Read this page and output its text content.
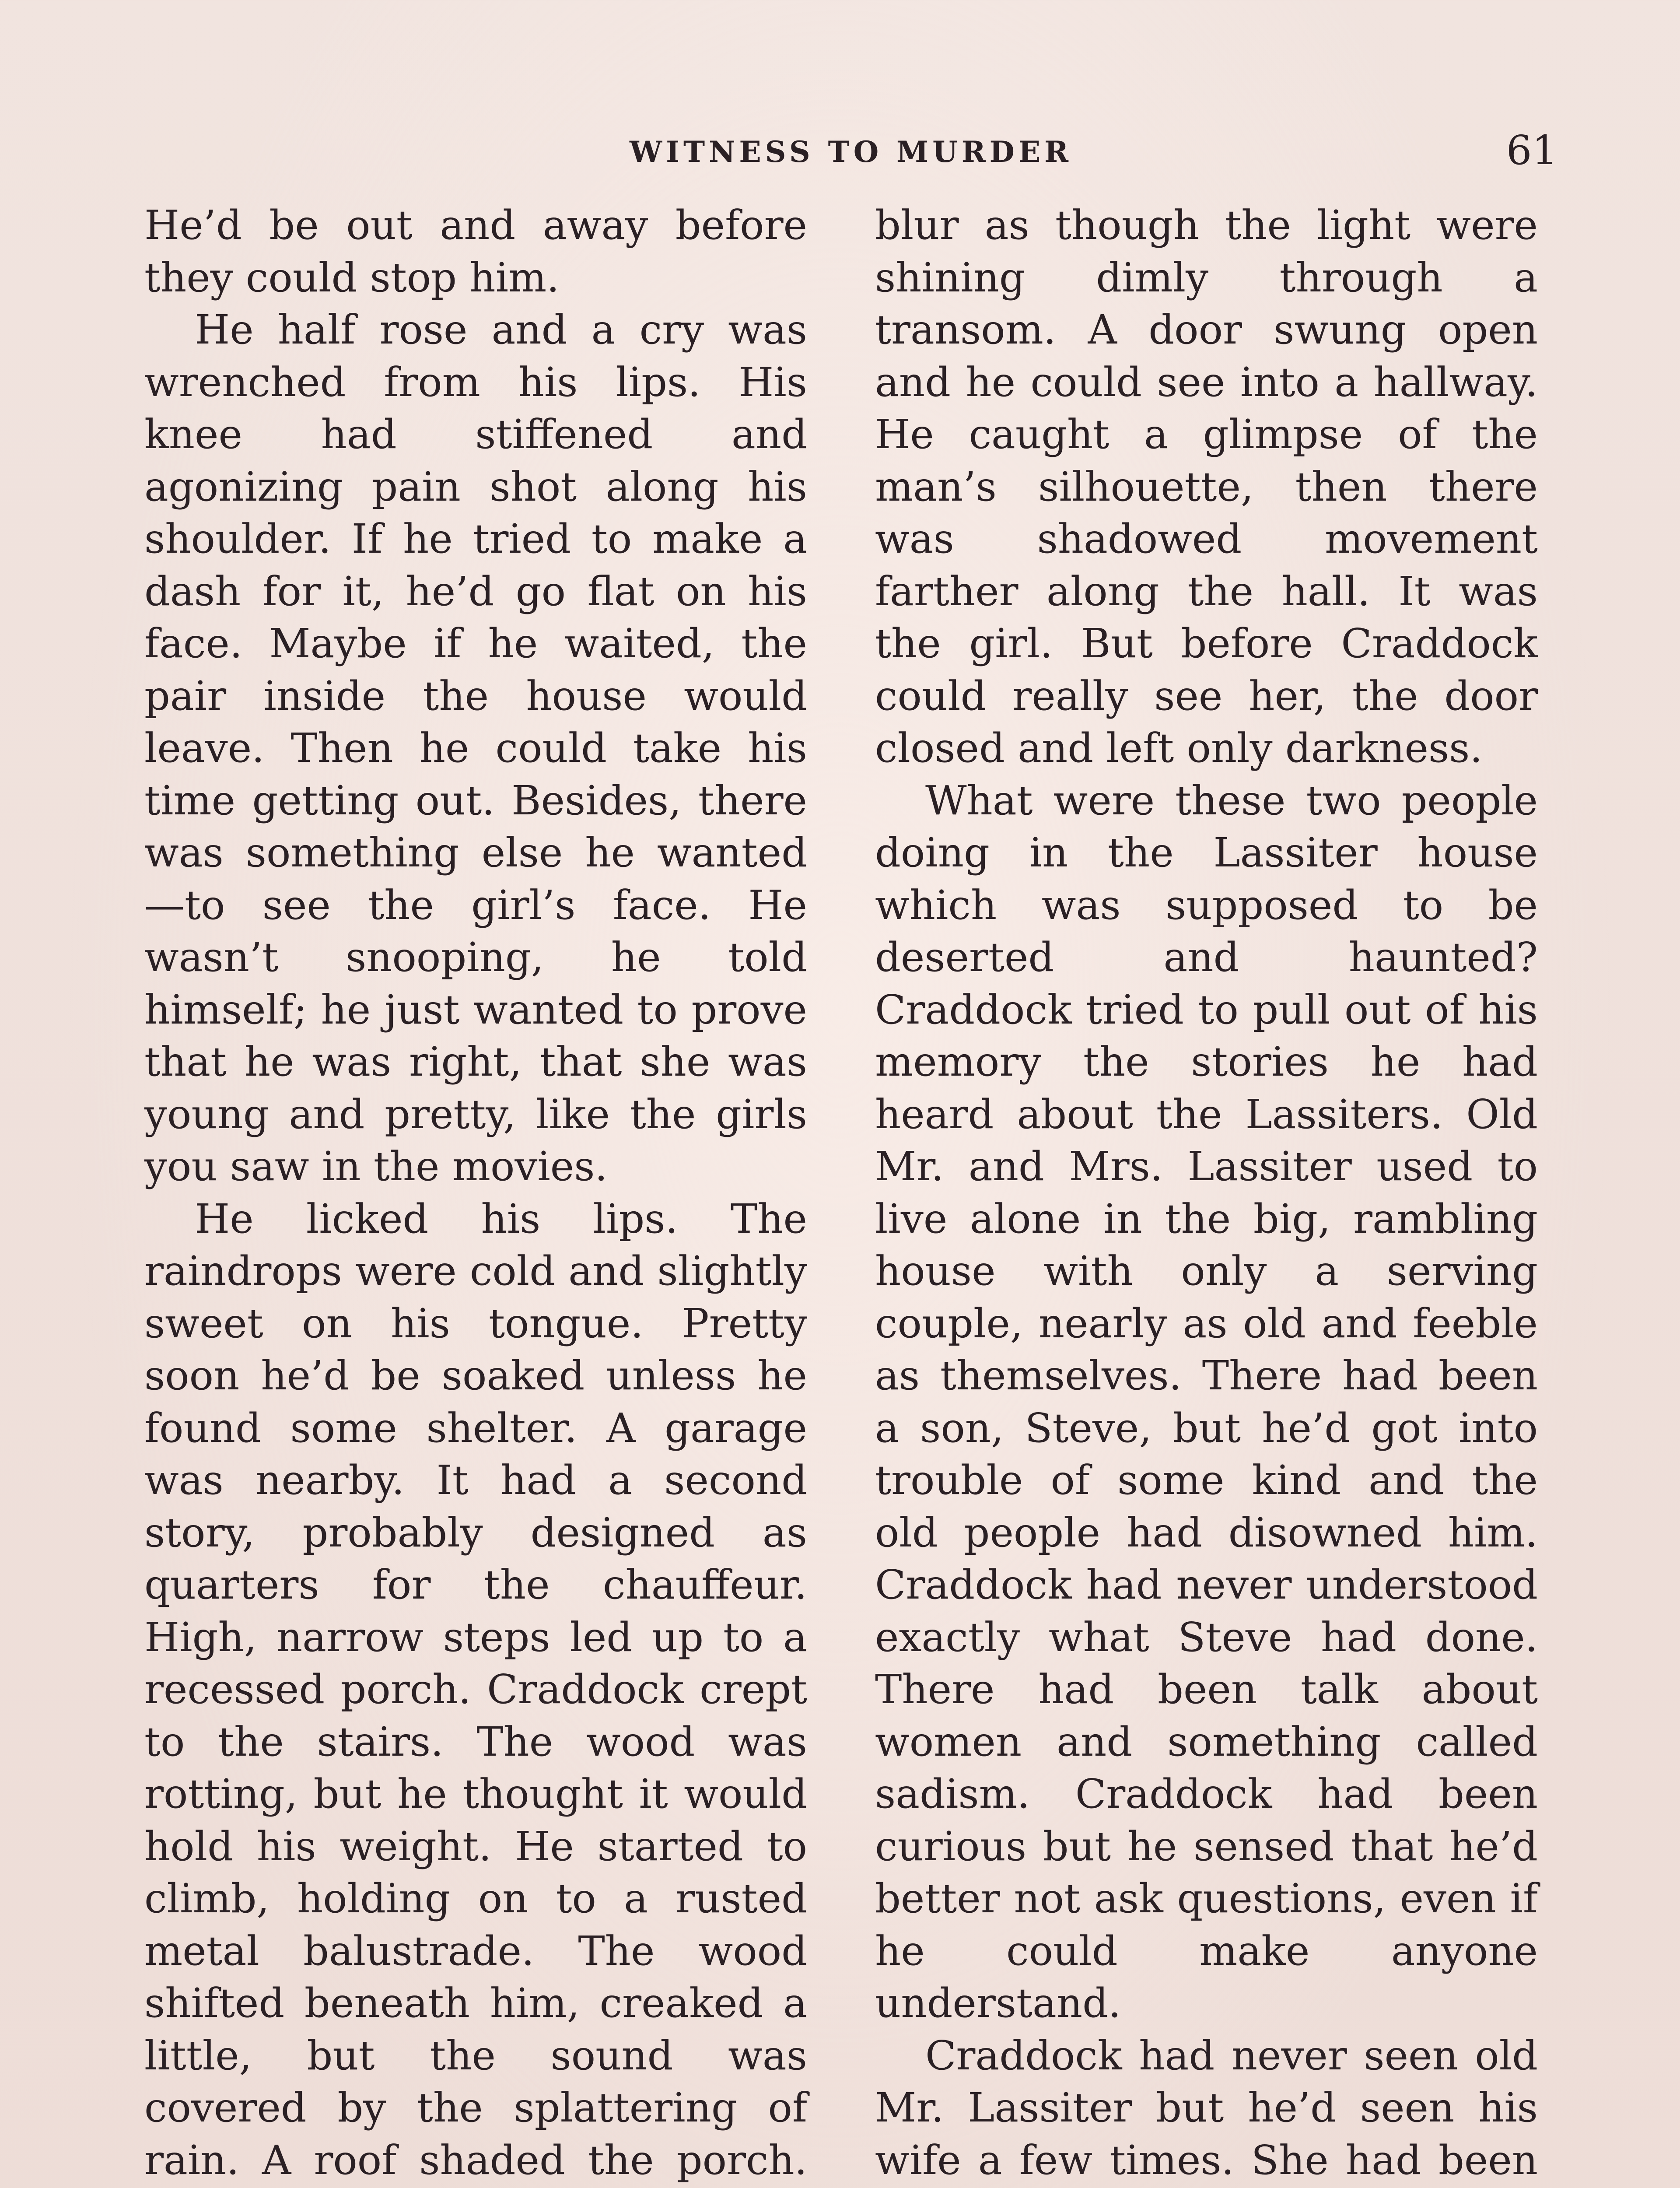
WITNESS TO MURDER	61

He’d be out and away before they could stop him.

He half rose and a cry was wrenched from his lips. His knee had stiffened and agonizing pain shot along his shoulder. If he tried to make a dash for it, he’d go flat on his face. Maybe if he waited, the pair inside the house would leave. Then he could take his time getting out. Besides, there was something else he wanted—to see the girl’s face. He wasn’t snooping, he told himself; he just wanted to prove that he was right, that she was young and pretty, like the girls you saw in the movies.

He licked his lips. The raindrops were cold and slightly sweet on his tongue. Pretty soon he’d be soaked unless he found some shelter. A garage was nearby. It had a second story, probably designed as quarters for the chauffeur. High, narrow steps led up to a recessed porch. Craddock crept to the stairs. The wood was rotting, but he thought it would hold his weight. He started to climb, holding on to a rusted metal balustrade. The wood shifted beneath him, creaked a little, but the sound was covered by the splattering of rain. A roof shaded the porch.

blur as though the light were shining dimly through a transom. A door swung open and he could see into a hallway. He caught a glimpse of the man’s silhouette, then there was shadowed movement farther along the hall. It was the girl. But before Craddock could really see her, the door closed and left only darkness.

What were these two people doing in the Lassiter house which was supposed to be deserted and haunted? Craddock tried to pull out of his memory the stories he had heard about the Lassiters. Old Mr. and Mrs. Lassiter used to live alone in the big, rambling house with only a serving couple, nearly as old and feeble as themselves. There had been a son, Steve, but he’d got into trouble of some kind and the old people had disowned him. Craddock had never understood exactly what Steve had done. There had been talk about women and something called sadism. Craddock had been curious but he sensed that he’d better not ask questions, even if he could make anyone understand.

Craddock had never seen old Mr. Lassiter but he’d seen his wife a few times. She had been
